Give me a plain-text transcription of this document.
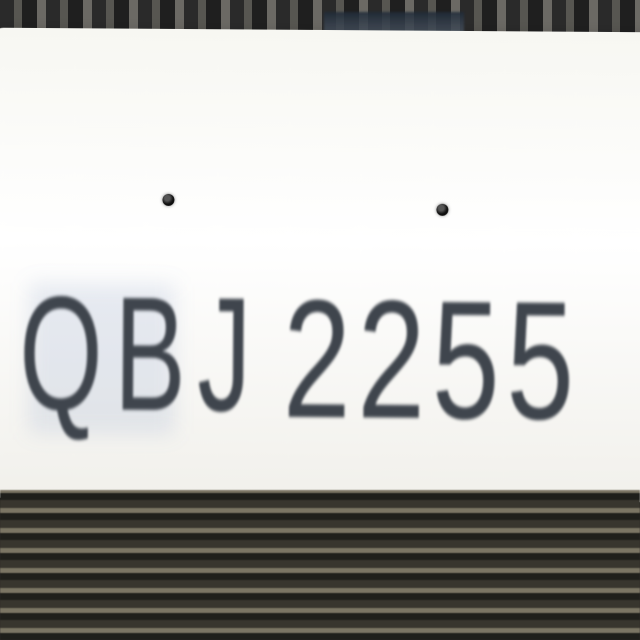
QBJ 2255
